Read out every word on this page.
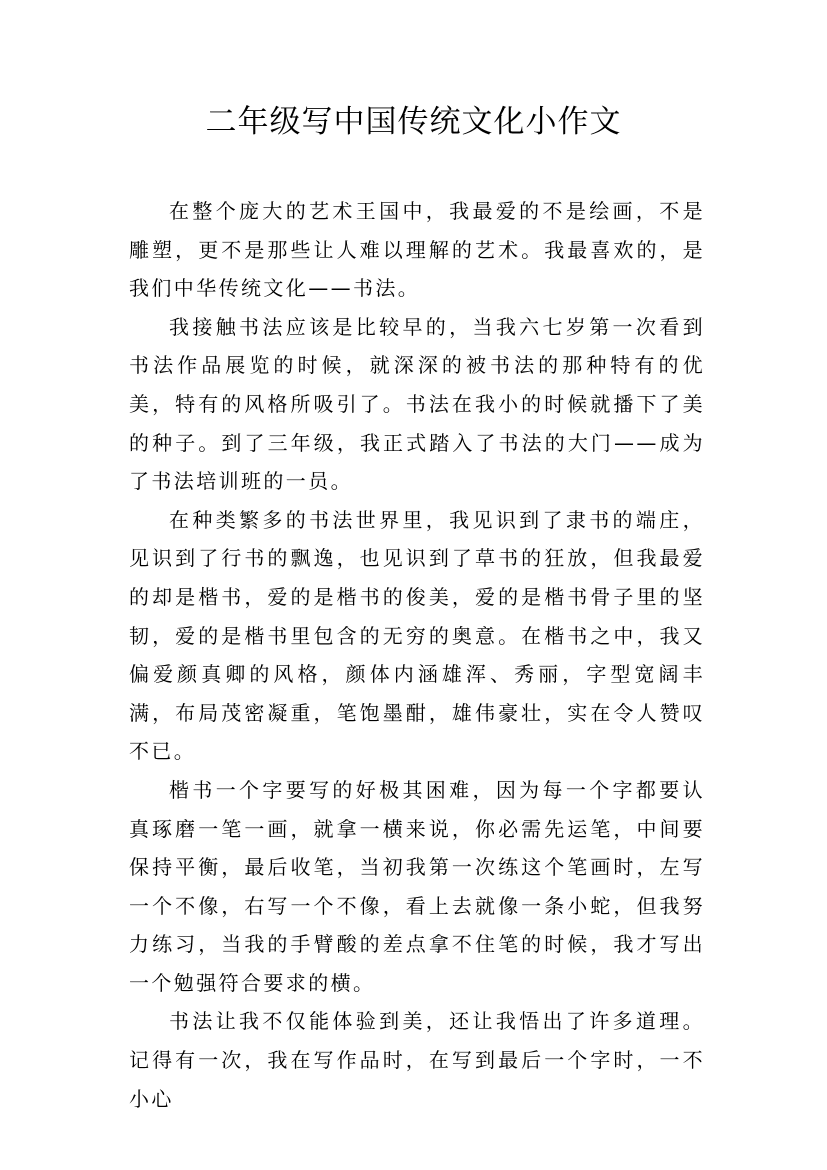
二年级写中国传统文化小作文

在整个庞大的艺术王国中，我最爱的不是绘画，不是雕塑，更不是那些让人难以理解的艺术。我最喜欢的，是我们中华传统文化——书法。

我接触书法应该是比较早的，当我六七岁第一次看到书法作品展览的时候，就深深的被书法的那种特有的优美，特有的风格所吸引了。书法在我小的时候就播下了美的种子。到了三年级，我正式踏入了书法的大门——成为了书法培训班的一员。

在种类繁多的书法世界里，我见识到了隶书的端庄，见识到了行书的飘逸，也见识到了草书的狂放，但我最爱的却是楷书，爱的是楷书的俊美，爱的是楷书骨子里的坚韧，爱的是楷书里包含的无穷的奥意。在楷书之中，我又偏爱颜真卿的风格，颜体内涵雄浑、秀丽，字型宽阔丰满，布局茂密凝重，笔饱墨酣，雄伟豪壮，实在令人赞叹不已。

楷书一个字要写的好极其困难，因为每一个字都要认真琢磨一笔一画，就拿一横来说，你必需先运笔，中间要保持平衡，最后收笔，当初我第一次练这个笔画时，左写一个不像，右写一个不像，看上去就像一条小蛇，但我努力练习，当我的手臂酸的差点拿不住笔的时候，我才写出一个勉强符合要求的横。

书法让我不仅能体验到美，还让我悟出了许多道理。记得有一次，我在写作品时，在写到最后一个字时，一不小心
